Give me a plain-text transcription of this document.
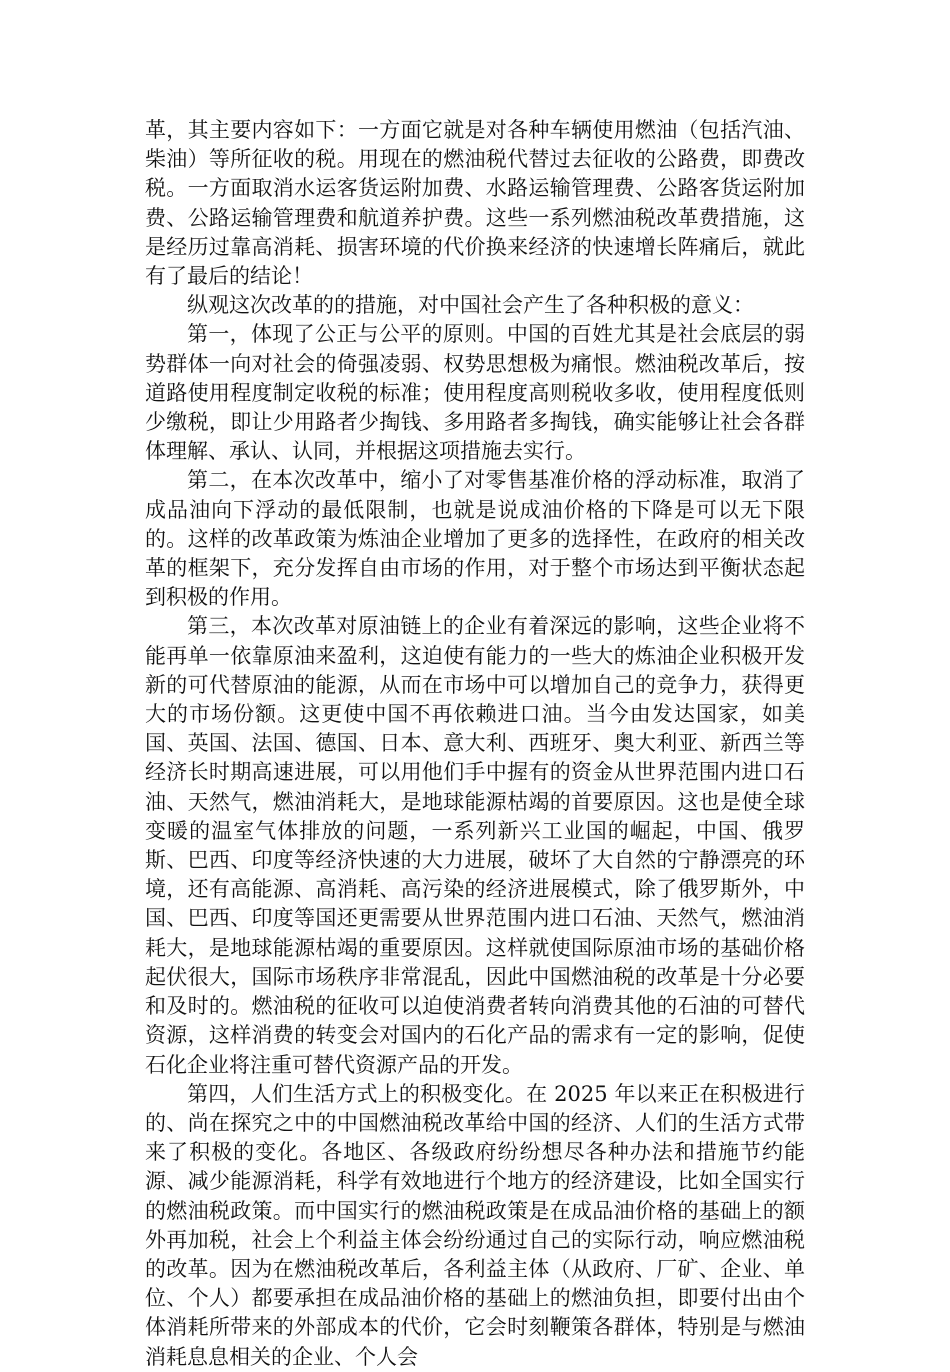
革，其主要内容如下：一方面它就是对各种车辆使用燃油（包括汽油、柴油）等所征收的税。用现在的燃油税代替过去征收的公路费，即费改税。一方面取消水运客货运附加费、水路运输管理费、公路客货运附加费、公路运输管理费和航道养护费。这些一系列燃油税改革费措施，这是经历过靠高消耗、损害环境的代价换来经济的快速增长阵痛后，就此有了最后的结论！

纵观这次改革的的措施，对中国社会产生了各种积极的意义：

第一，体现了公正与公平的原则。中国的百姓尤其是社会底层的弱势群体一向对社会的倚强凌弱、权势思想极为痛恨。燃油税改革后，按道路使用程度制定收税的标准；使用程度高则税收多收，使用程度低则少缴税，即让少用路者少掏钱、多用路者多掏钱，确实能够让社会各群体理解、承认、认同，并根据这项措施去实行。

第二，在本次改革中，缩小了对零售基准价格的浮动标准，取消了成品油向下浮动的最低限制，也就是说成油价格的下降是可以无下限的。这样的改革政策为炼油企业增加了更多的选择性，在政府的相关改革的框架下，充分发挥自由市场的作用，对于整个市场达到平衡状态起到积极的作用。

第三，本次改革对原油链上的企业有着深远的影响，这些企业将不能再单一依靠原油来盈利，这迫使有能力的一些大的炼油企业积极开发新的可代替原油的能源，从而在市场中可以增加自己的竞争力，获得更大的市场份额。这更使中国不再依赖进口油。当今由发达国家，如美国、英国、法国、德国、日本、意大利、西班牙、奥大利亚、新西兰等经济长时期高速进展，可以用他们手中握有的资金从世界范围内进口石油、天然气，燃油消耗大，是地球能源枯竭的首要原因。这也是使全球变暖的温室气体排放的问题，一系列新兴工业国的崛起，中国、俄罗斯、巴西、印度等经济快速的大力进展，破坏了大自然的宁静漂亮的环境，还有高能源、高消耗、高污染的经济进展模式，除了俄罗斯外，中国、巴西、印度等国还更需要从世界范围内进口石油、天然气，燃油消耗大，是地球能源枯竭的重要原因。这样就使国际原油市场的基础价格起伏很大，国际市场秩序非常混乱，因此中国燃油税的改革是十分必要和及时的。燃油税的征收可以迫使消费者转向消费其他的石油的可替代资源，这样消费的转变会对国内的石化产品的需求有一定的影响，促使石化企业将注重可替代资源产品的开发。

第四，人们生活方式上的积极变化。在 2025 年以来正在积极进行的、尚在探究之中的中国燃油税改革给中国的经济、人们的生活方式带来了积极的变化。各地区、各级政府纷纷想尽各种办法和措施节约能源、减少能源消耗，科学有效地进行个地方的经济建设，比如全国实行的燃油税政策。而中国实行的燃油税政策是在成品油价格的基础上的额外再加税，社会上个利益主体会纷纷通过自己的实际行动，响应燃油税的改革。因为在燃油税改革后，各利益主体（从政府、厂矿、企业、单位、个人）都要承担在成品油价格的基础上的燃油负担，即要付出由个体消耗所带来的外部成本的代价，它会时刻鞭策各群体，特别是与燃油消耗息息相关的企业、个人会
